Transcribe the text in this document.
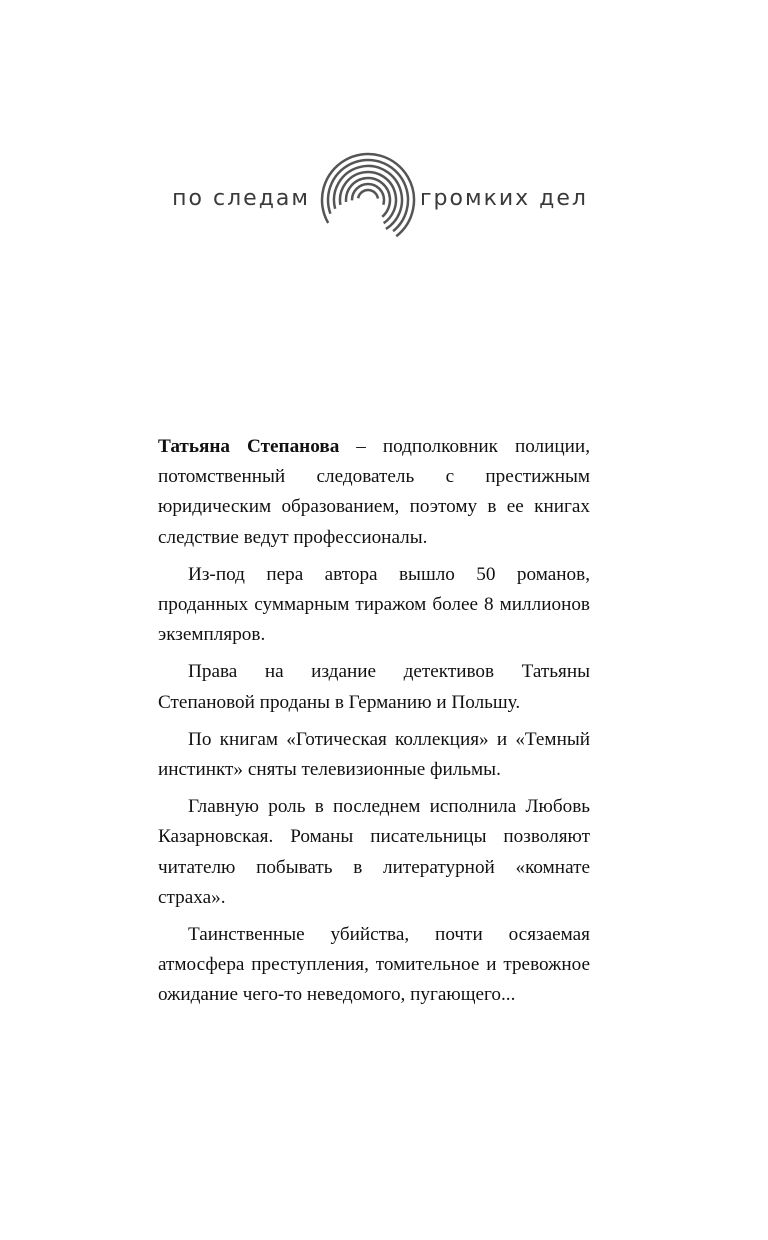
по следам	громких дел

Татьяна Степанова – подполковник полиции, потомственный следователь с престижным юридическим образованием, поэтому в ее книгах следствие ведут профессионалы.

Из-под пера автора вышло 50 романов, проданных суммарным тиражом более 8 миллионов экземпляров.

Права на издание детективов Татьяны Степановой проданы в Германию и Польшу.

По книгам «Готическая коллекция» и «Темный инстинкт» сняты телевизионные фильмы.

Главную роль в последнем исполнила Любовь Казарновская. Романы писательницы позволяют читателю побывать в литературной «комнате страха».

Таинственные убийства, почти осязаемая атмосфера преступления, томительное и тревожное ожидание чего-то неведомого, пугающего...
